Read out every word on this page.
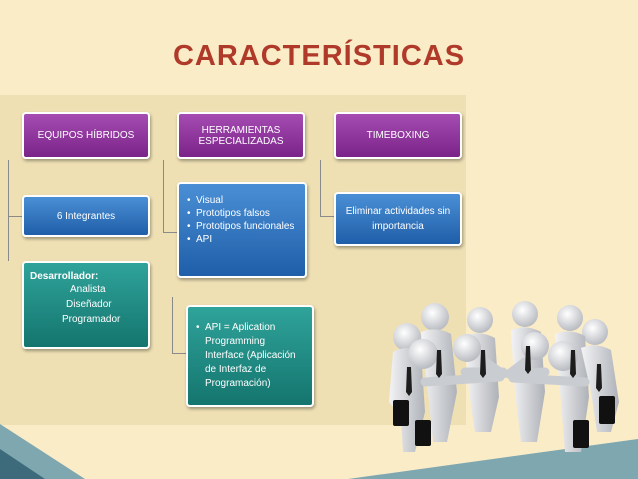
CARACTERÍSTICAS
EQUIPOS HÍBRIDOS
6 Integrantes
Desarrollador:
Analista
Diseñador
Programador
HERRAMIENTAS
ESPECIALIZADAS
• Visual
• Prototipos falsos
• Prototipos funcionales
• API
• API = Aplication Programming Interface (Aplicación de Interfaz de Programación)
TIMEBOXING
Eliminar actividades sin importancia
